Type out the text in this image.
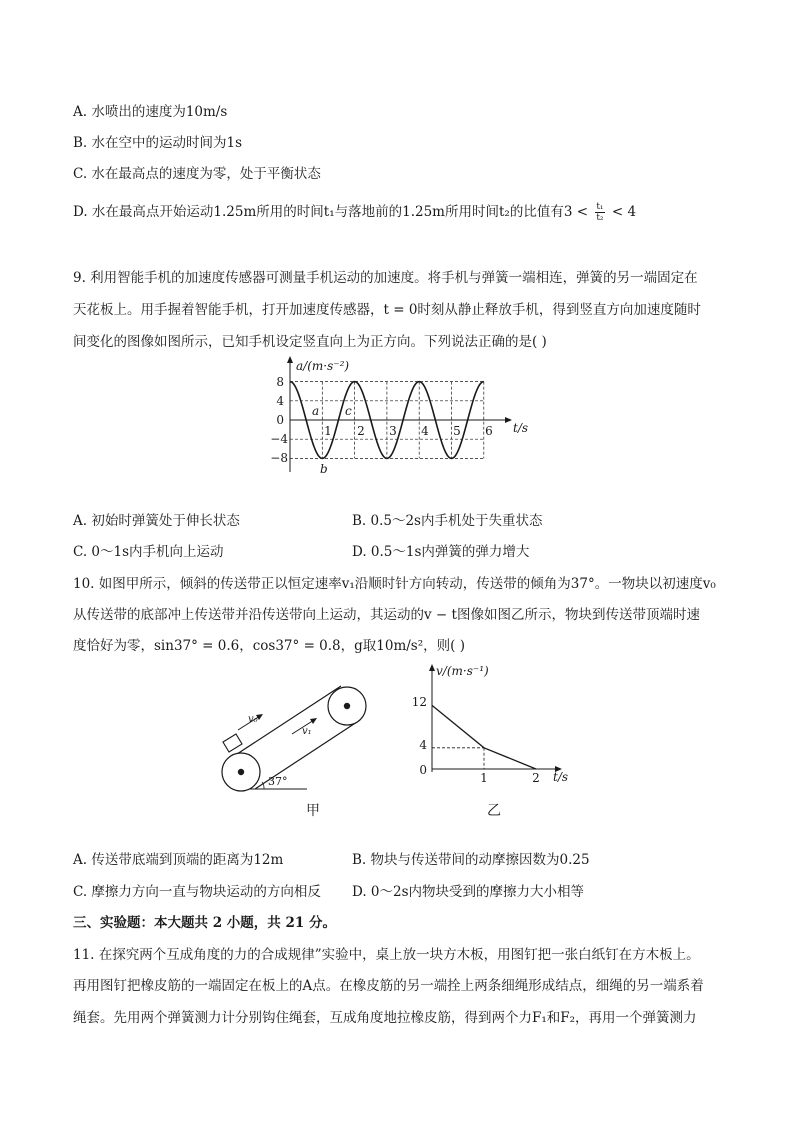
A. 水喷出的速度为10m/s
B. 水在空中的运动时间为1s
C. 水在最高点的速度为零，处于平衡状态
D. 水在最高点开始运动1.25m所用的时间t₁与落地前的1.25m所用时间t₂的比值有$3 < \frac{\text{t₁}}{\text{t₂}} < 4$
9. 利用智能手机的加速度传感器可测量手机运动的加速度。将手机与弹簧一端相连，弹簧的另一端固定在
天花板上。用手握着智能手机，打开加速度传感器，t = 0时刻从静止释放手机，得到竖直方向加速度随时
间变化的图像如图所示，已知手机设定竖直向上为正方向。下列说法正确的是( )
a/(m·s⁻²)
t/s
8
4
0
−4
−8
1 2 3 4 5 6
a
b
c
A. 初始时弹簧处于伸长状态	B. 0.5～2s内手机处于失重状态
C. 0～1s内手机向上运动	D. 0.5～1s内弹簧的弹力增大
10. 如图甲所示，倾斜的传送带正以恒定速率v₁沿顺时针方向转动，传送带的倾角为37°。一物块以初速度v₀
从传送带的底部冲上传送带并沿传送带向上运动，其运动的v − t图像如图乙所示，物块到传送带顶端时速
度恰好为零，sin37° = 0.6，cos37° = 0.8，g取10m/s²，则( )
v₀
v₁
37°
甲
v/(m·s⁻¹)
t/s
12
4
0
1	2
乙
A. 传送带底端到顶端的距离为12m	B. 物块与传送带间的动摩擦因数为0.25
C. 摩擦力方向一直与物块运动的方向相反 D. 0～2s内物块受到的摩擦力大小相等
三、实验题：本大题共 2 小题，共 21 分。
11. 在探究两个互成角度的力的合成规律”实验中，桌上放一块方木板，用图钉把一张白纸钉在方木板上。
再用图钉把橡皮筋的一端固定在板上的A点。在橡皮筋的另一端拴上两条细绳形成结点，细绳的另一端系着
绳套。先用两个弹簧测力计分别钩住绳套，互成角度地拉橡皮筋，得到两个力F₁和F₂，再用一个弹簧测力
